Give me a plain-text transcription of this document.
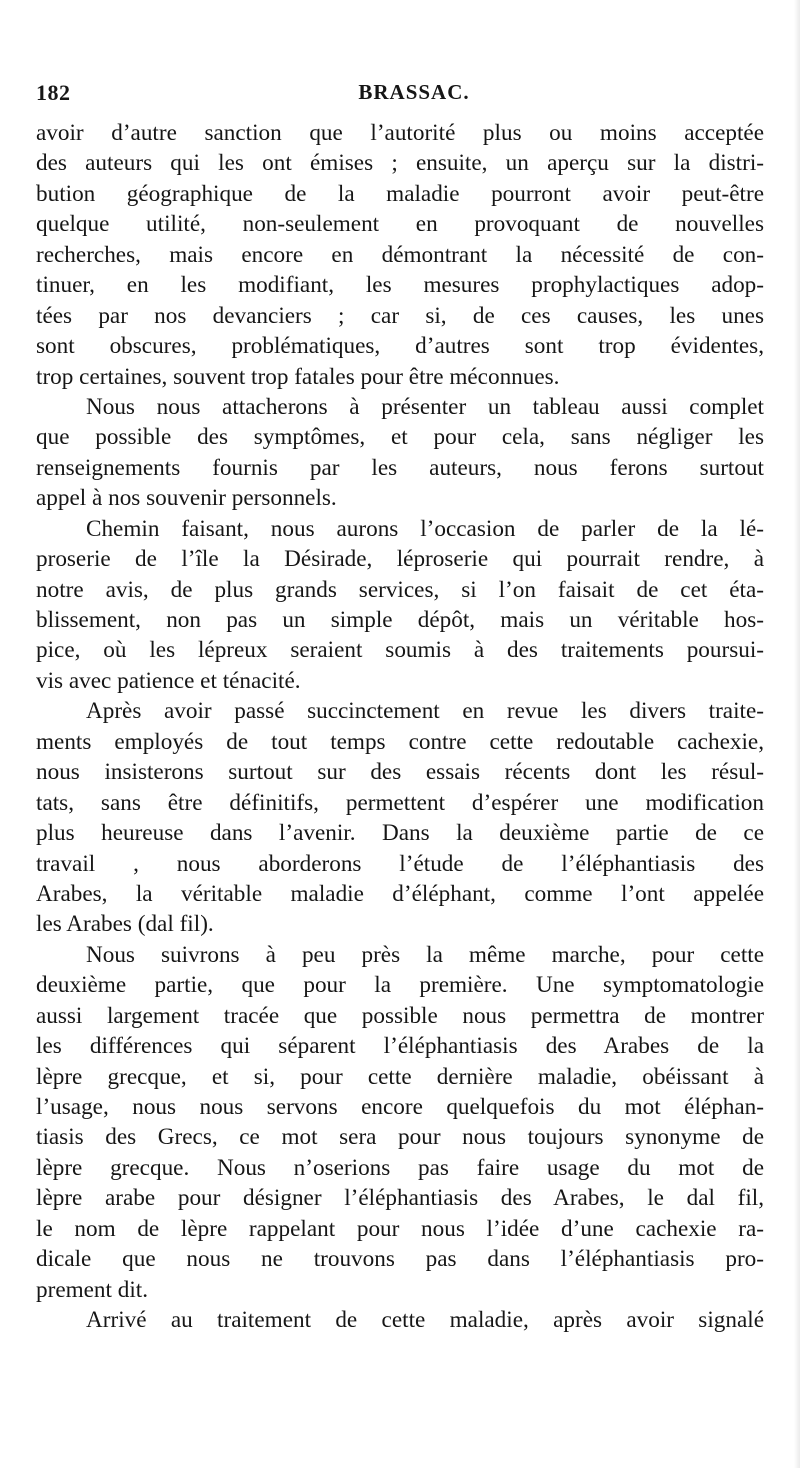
182	BRASSAC.
avoir d’autre sanction que l’autorité plus ou moins acceptée
des auteurs qui les ont émises ; ensuite, un aperçu sur la distri-
bution géographique de la maladie pourront avoir peut-être
quelque utilité, non-seulement en provoquant de nouvelles
recherches, mais encore en démontrant la nécessité de con-
tinuer, en les modifiant, les mesures prophylactiques adop-
tées par nos devanciers ; car si, de ces causes, les unes
sont obscures, problématiques, d’autres sont trop évidentes,
trop certaines, souvent trop fatales pour être méconnues.
Nous nous attacherons à présenter un tableau aussi complet
que possible des symptômes, et pour cela, sans négliger les
renseignements fournis par les auteurs, nous ferons surtout
appel à nos souvenir personnels.
Chemin faisant, nous aurons l’occasion de parler de la lé-
proserie de l’île la Désirade, léproserie qui pourrait rendre, à
notre avis, de plus grands services, si l’on faisait de cet éta-
blissement, non pas un simple dépôt, mais un véritable hos-
pice, où les lépreux seraient soumis à des traitements poursui-
vis avec patience et ténacité.
Après avoir passé succinctement en revue les divers traite-
ments employés de tout temps contre cette redoutable cachexie,
nous insisterons surtout sur des essais récents dont les résul-
tats, sans être définitifs, permettent d’espérer une modification
plus heureuse dans l’avenir. Dans la deuxième partie de ce
travail , nous aborderons l’étude de l’éléphantiasis des
Arabes, la véritable maladie d’éléphant, comme l’ont appelée
les Arabes (dal fil).
Nous suivrons à peu près la même marche, pour cette
deuxième partie, que pour la première. Une symptomatologie
aussi largement tracée que possible nous permettra de montrer
les différences qui séparent l’éléphantiasis des Arabes de la
lèpre grecque, et si, pour cette dernière maladie, obéissant à
l’usage, nous nous servons encore quelquefois du mot éléphan-
tiasis des Grecs, ce mot sera pour nous toujours synonyme de
lèpre grecque. Nous n’oserions pas faire usage du mot de
lèpre arabe pour désigner l’éléphantiasis des Arabes, le dal fil,
le nom de lèpre rappelant pour nous l’idée d’une cachexie ra-
dicale que nous ne trouvons pas dans l’éléphantiasis pro-
prement dit.
Arrivé au traitement de cette maladie, après avoir signalé
